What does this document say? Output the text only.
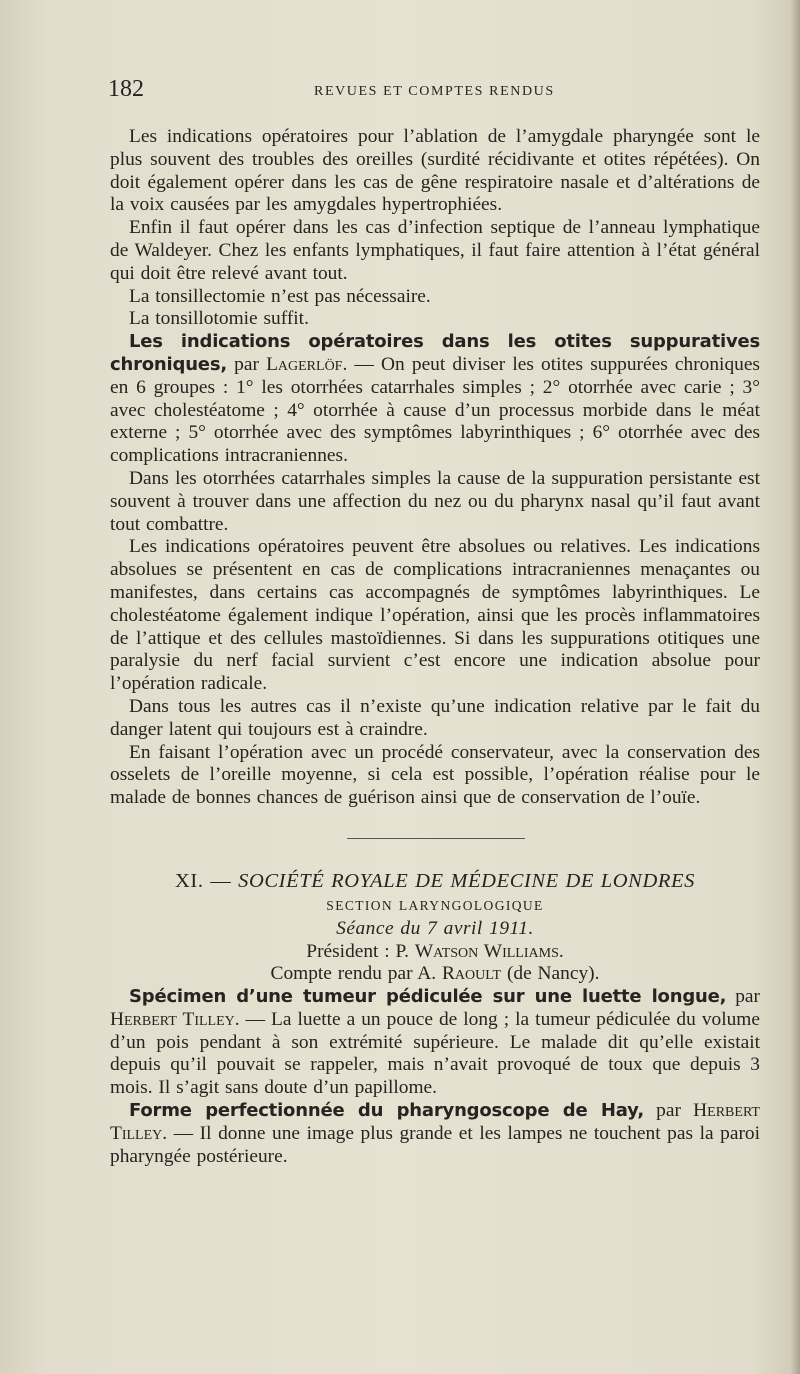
182	REVUES ET COMPTES RENDUS

Les indications opératoires pour l’ablation de l’amygdale pharyngée sont le plus souvent des troubles des oreilles (surdité récidivante et otites répétées). On doit également opérer dans les cas de gêne respiratoire nasale et d’altérations de la voix causées par les amygdales hypertrophiées.

Enfin il faut opérer dans les cas d’infection septique de l’anneau lymphatique de Waldeyer. Chez les enfants lymphatiques, il faut faire attention à l’état général qui doit être relevé avant tout.

La tonsillectomie n’est pas nécessaire.

La tonsillotomie suffit.

Les indications opératoires dans les otites suppuratives chroniques, par Lagerlöf. — On peut diviser les otites suppurées chroniques en 6 groupes : 1° les otorrhées catarrhales simples ; 2° otorrhée avec carie ; 3° avec cholestéatome ; 4° otorrhée à cause d’un processus morbide dans le méat externe ; 5° otorrhée avec des symptômes labyrinthiques ; 6° otorrhée avec des complications intracraniennes.

Dans les otorrhées catarrhales simples la cause de la suppuration persistante est souvent à trouver dans une affection du nez ou du pharynx nasal qu’il faut avant tout combattre.

Les indications opératoires peuvent être absolues ou relatives. Les indications absolues se présentent en cas de complications intracraniennes menaçantes ou manifestes, dans certains cas accompagnés de symptômes labyrinthiques. Le cholestéatome également indique l’opération, ainsi que les procès inflammatoires de l’attique et des cellules mastoïdiennes. Si dans les suppurations otitiques une paralysie du nerf facial survient c’est encore une indication absolue pour l’opération radicale.

Dans tous les autres cas il n’existe qu’une indication relative par le fait du danger latent qui toujours est à craindre.

En faisant l’opération avec un procédé conservateur, avec la conservation des osselets de l’oreille moyenne, si cela est possible, l’opération réalise pour le malade de bonnes chances de guérison ainsi que de conservation de l’ouïe.

XI. — SOCIÉTÉ ROYALE DE MÉDECINE DE LONDRES

SECTION LARYNGOLOGIQUE

Séance du 7 avril 1911.

Président : P. Watson Williams.

Compte rendu par A. Raoult (de Nancy).

Spécimen d’une tumeur pédiculée sur une luette longue, par Herbert Tilley. — La luette a un pouce de long ; la tumeur pédiculée du volume d’un pois pendant à son extrémité supérieure. Le malade dit qu’elle existait depuis qu’il pouvait se rappeler, mais n’avait provoqué de toux que depuis 3 mois. Il s’agit sans doute d’un papillome.

Forme perfectionnée du pharyngoscope de Hay, par Herbert Tilley. — Il donne une image plus grande et les lampes ne touchent pas la paroi pharyngée postérieure.
